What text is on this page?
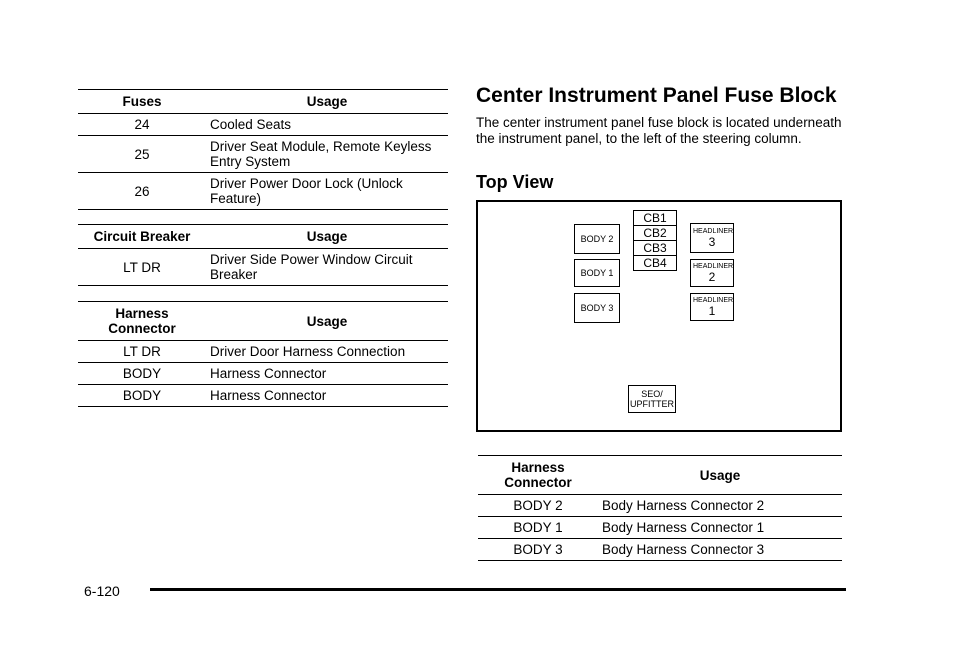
Fuses	Usage
24	Cooled Seats
25	Driver Seat Module, Remote Keyless Entry System
26	Driver Power Door Lock (Unlock Feature)
Circuit Breaker	Usage
LT DR	Driver Side Power Window Circuit Breaker
Harness Connector	Usage
LT DR	Driver Door Harness Connection
BODY	Harness Connector
BODY	Harness Connector
Center Instrument Panel Fuse Block

The center instrument panel fuse block is located underneath the instrument panel, to the left of the steering column.

Top View
BODY 2
BODY 1
BODY 3
CB1
CB2
CB3
CB4
HEADLINER
3
HEADLINER
2
HEADLINER
1
SEO/
UPFITTER
Harness Connector	Usage
BODY 2	Body Harness Connector 2
BODY 1	Body Harness Connector 1
BODY 3	Body Harness Connector 3
6-120
